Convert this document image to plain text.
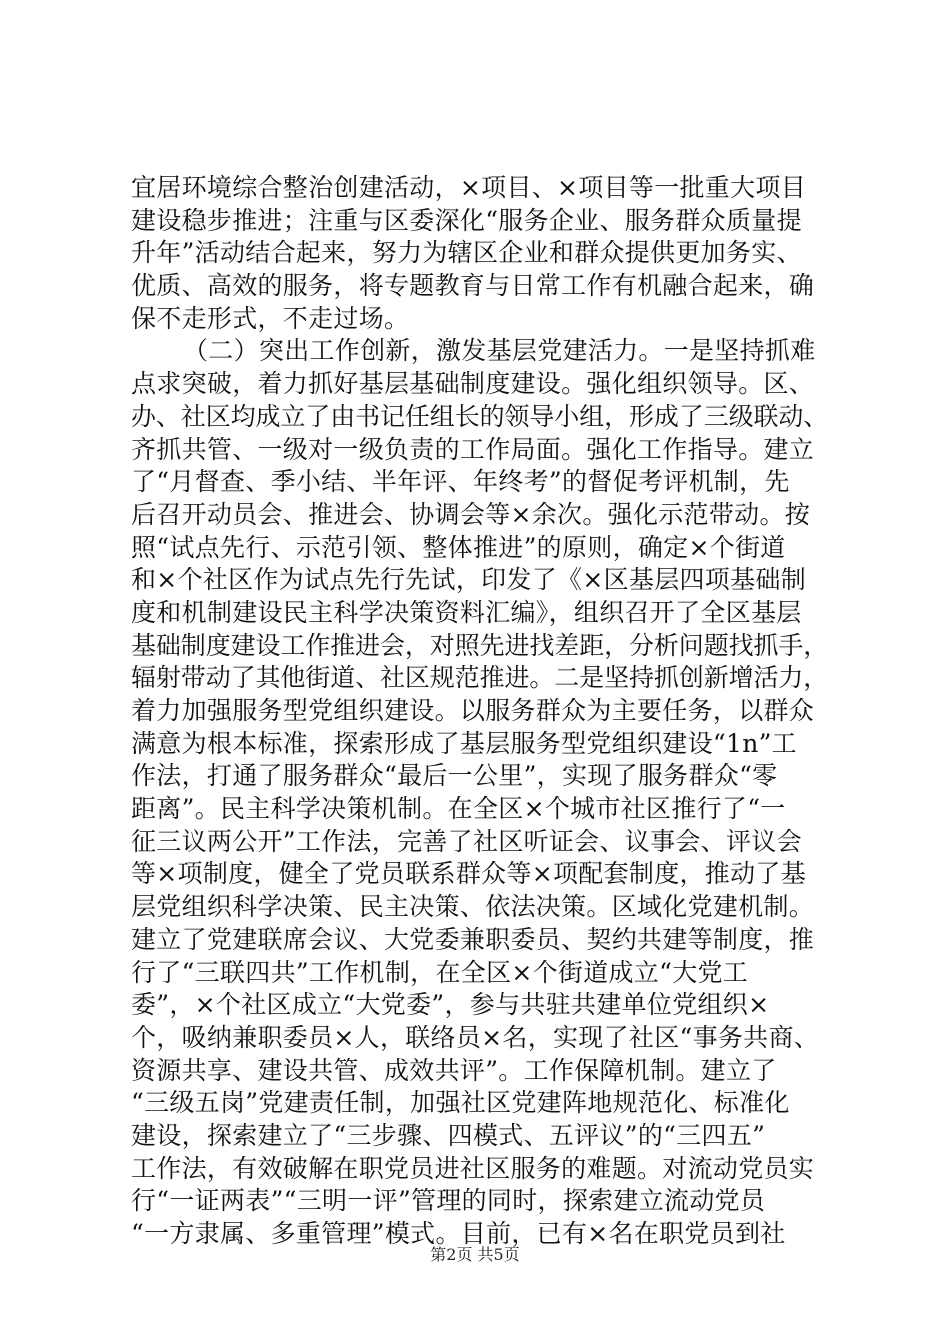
宜居环境综合整治创建活动，×项目、×项目等一批重大项目
建设稳步推进；注重与区委深化“服务企业、服务群众质量提
升年”活动结合起来，努力为辖区企业和群众提供更加务实、
优质、高效的服务，将专题教育与日常工作有机融合起来，确
保不走形式，不走过场。
（二）突出工作创新，激发基层党建活力。一是坚持抓难
点求突破，着力抓好基层基础制度建设。强化组织领导。区、
办、社区均成立了由书记任组长的领导小组，形成了三级联动、
齐抓共管、一级对一级负责的工作局面。强化工作指导。建立
了“月督查、季小结、半年评、年终考”的督促考评机制，先
后召开动员会、推进会、协调会等×余次。强化示范带动。按
照“试点先行、示范引领、整体推进”的原则，确定×个街道
和×个社区作为试点先行先试，印发了《×区基层四项基础制
度和机制建设民主科学决策资料汇编》，组织召开了全区基层
基础制度建设工作推进会，对照先进找差距，分析问题找抓手，
辐射带动了其他街道、社区规范推进。二是坚持抓创新增活力，
着力加强服务型党组织建设。以服务群众为主要任务，以群众
满意为根本标准，探索形成了基层服务型党组织建设“1n”工
作法，打通了服务群众“最后一公里”，实现了服务群众“零
距离”。民主科学决策机制。在全区×个城市社区推行了“一
征三议两公开”工作法，完善了社区听证会、议事会、评议会
等×项制度，健全了党员联系群众等×项配套制度，推动了基
层党组织科学决策、民主决策、依法决策。区域化党建机制。
建立了党建联席会议、大党委兼职委员、契约共建等制度，推
行了“三联四共”工作机制，在全区×个街道成立“大党工
委”，×个社区成立“大党委”，参与共驻共建单位党组织×
个，吸纳兼职委员×人，联络员×名，实现了社区“事务共商、
资源共享、建设共管、成效共评”。工作保障机制。建立了
“三级五岗”党建责任制，加强社区党建阵地规范化、标准化
建设，探索建立了“三步骤、四模式、五评议”的“三四五”
工作法，有效破解在职党员进社区服务的难题。对流动党员实
行“一证两表”“三明一评”管理的同时，探索建立流动党员
“一方隶属、多重管理”模式。目前，已有×名在职党员到社
第2页 共5页
